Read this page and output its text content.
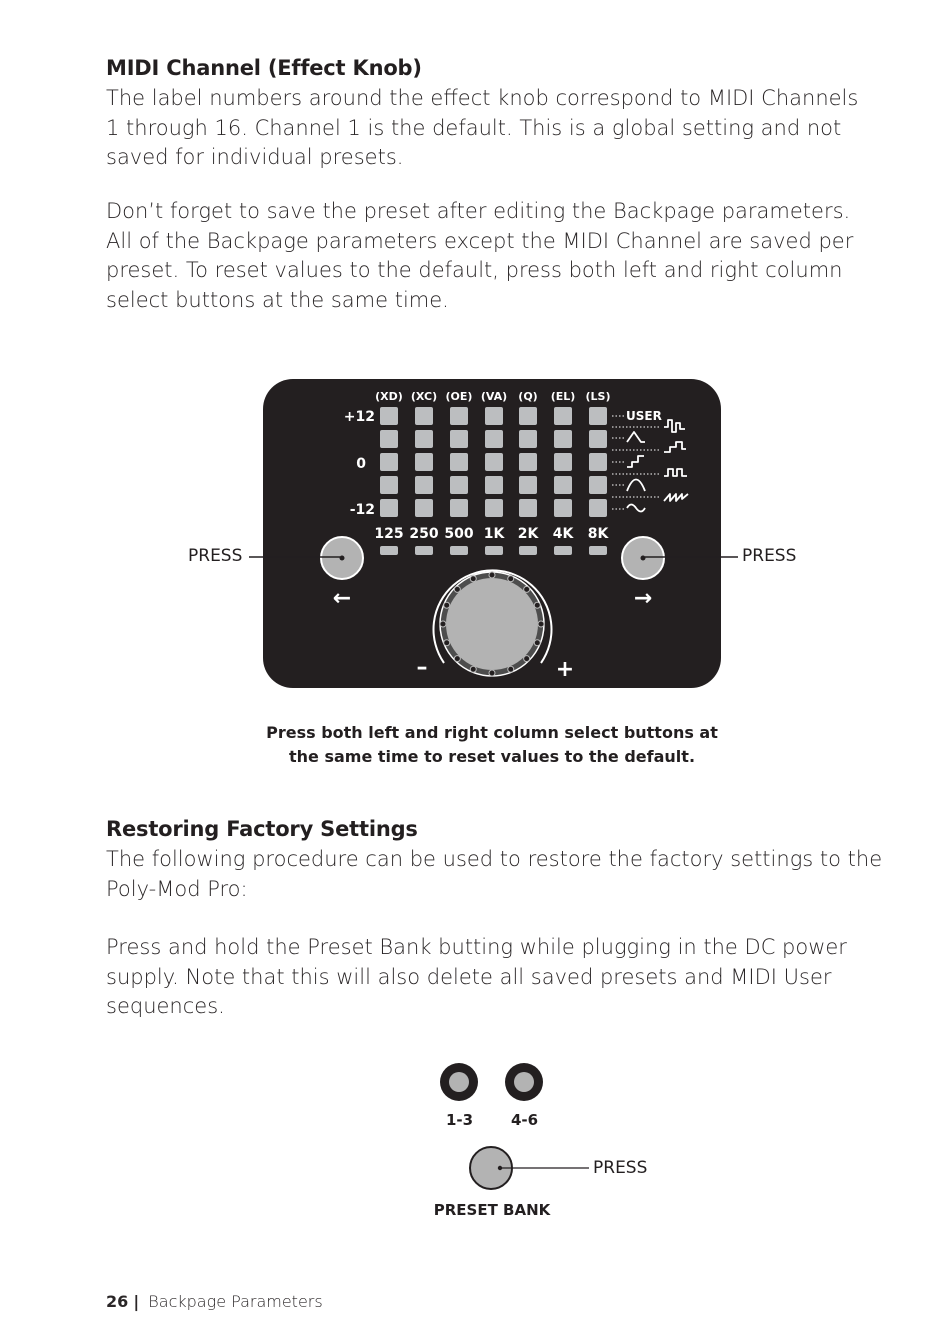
MIDI Channel (Effect Knob)

The label numbers around the effect knob correspond to MIDI Channels

1 through 16. Channel 1 is the default. This is a global setting and not

saved for individual presets.

Don’t forget to save the preset after editing the Backpage parameters.

All of the Backpage parameters except the MIDI Channel are saved per

preset. To reset values to the default, press both left and right column

select buttons at the same time.

(XD) (XC) (OE) (VA) (Q) (EL) (LS)
+12
0
-12
125 250 500 1K 2K 4K 8K
USER
←	→
–	+
PRESS	PRESS
Press both left and right column select buttons at
the same time to reset values to the default.
Restoring Factory Settings

The following procedure can be used to restore the factory settings to the

Poly-Mod Pro:

Press and hold the Preset Bank butting while plugging in the DC power

supply. Note that this will also delete all saved presets and MIDI User

sequences.

1-3	4-6
PRESS
PRESET BANK
26 | Backpage Parameters
